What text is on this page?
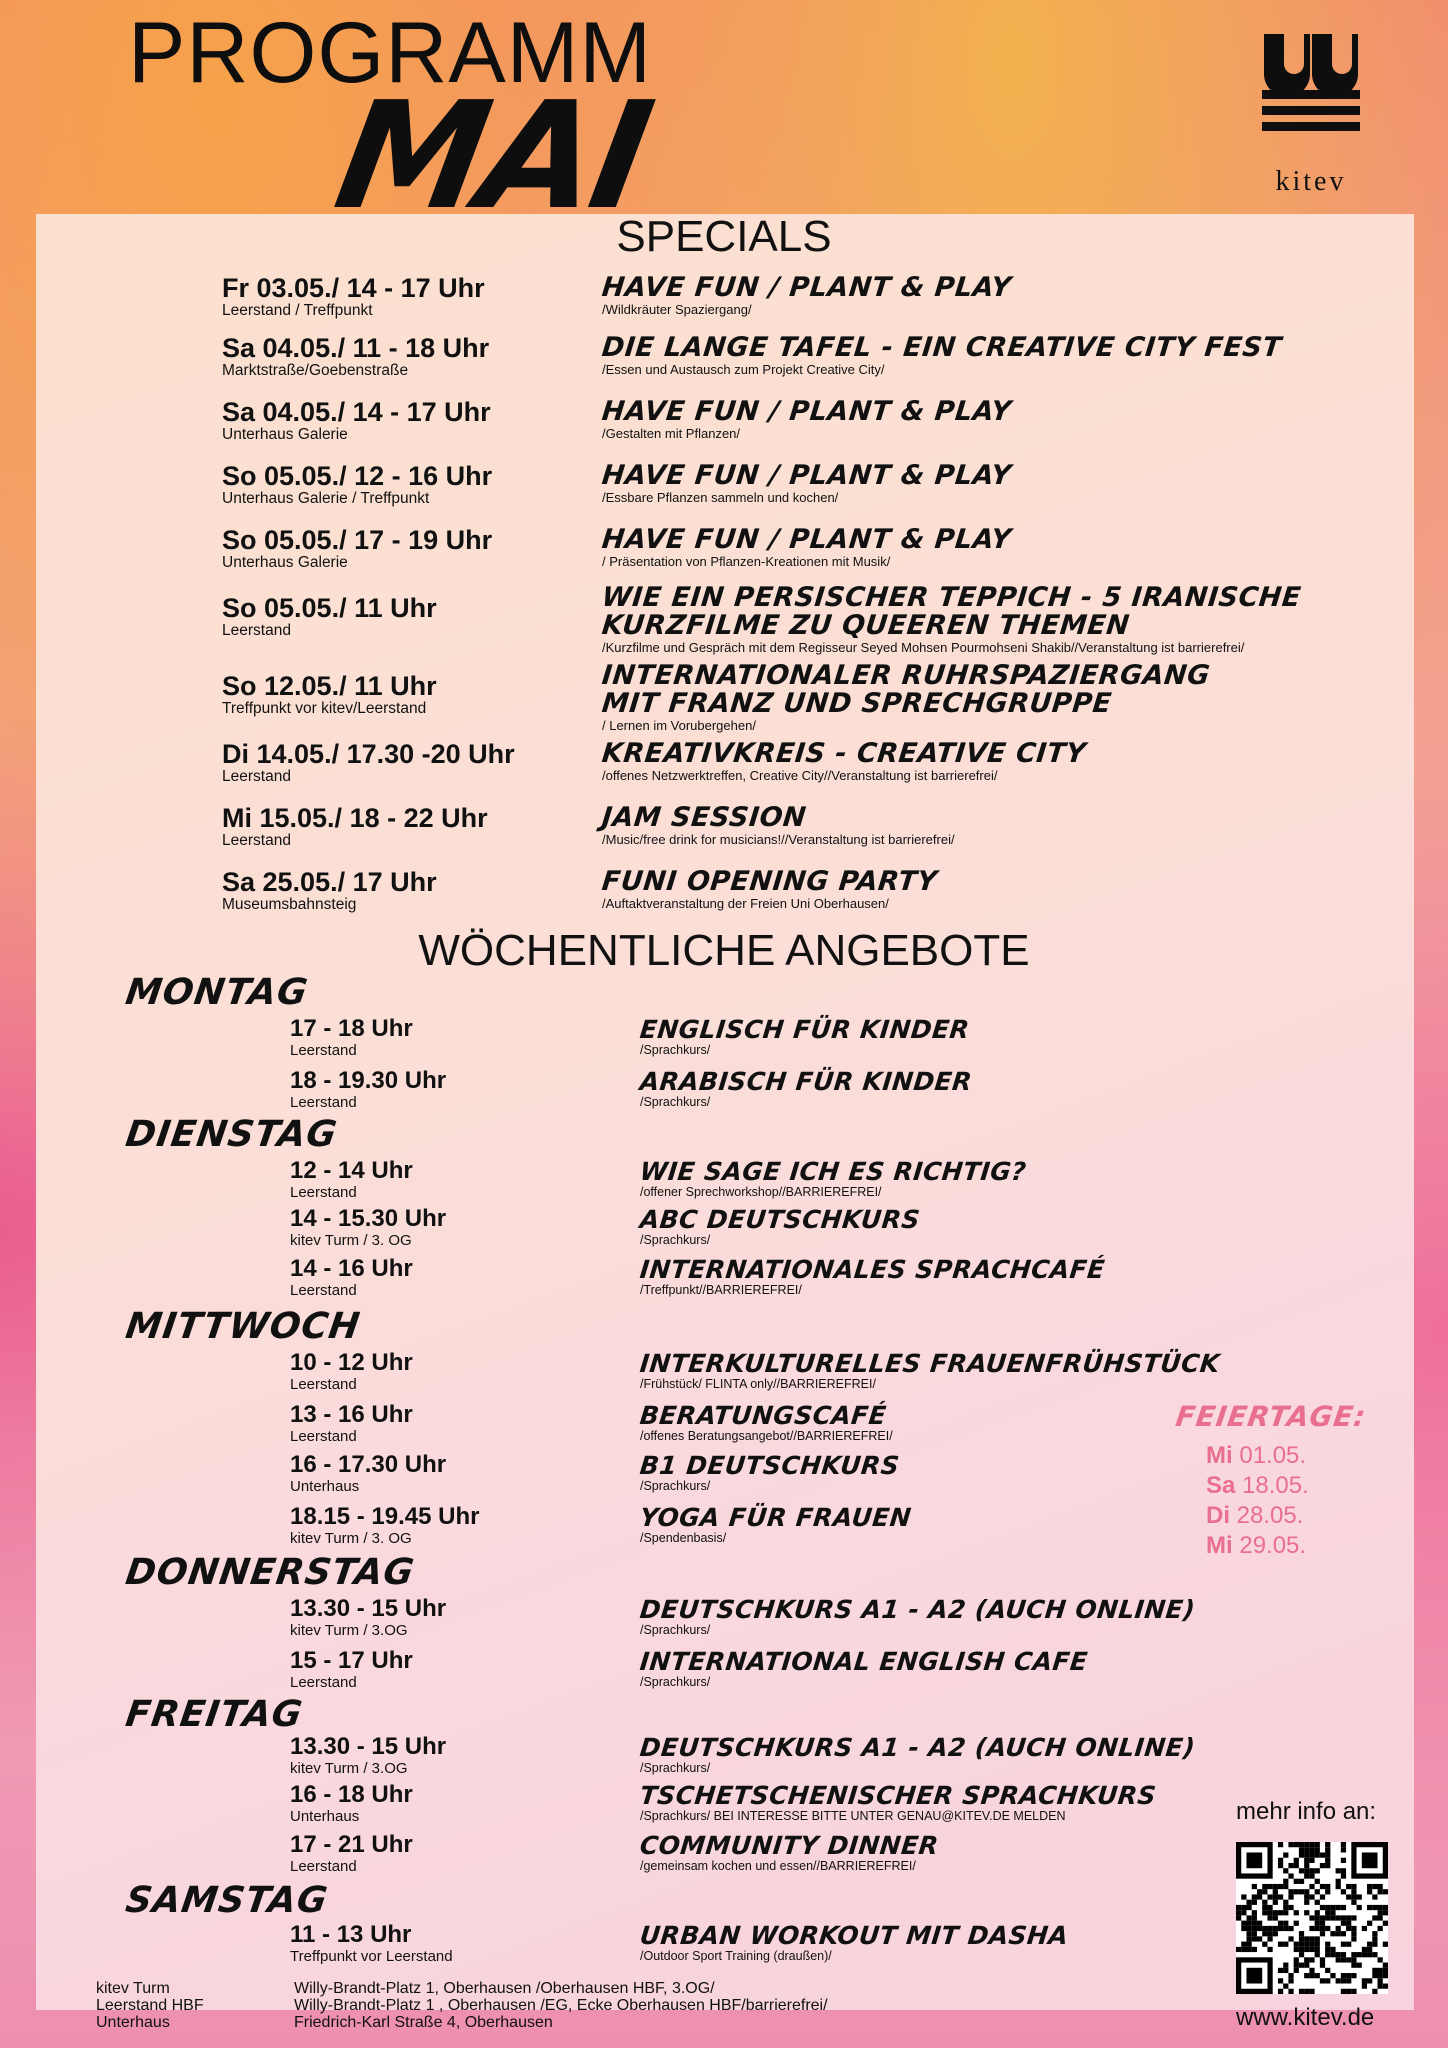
PROGRAMM
MAI	kitev
SPECIALS
Fr 03.05./ 14 - 17 Uhr
Leerstand / Treffpunkt
HAVE FUN / PLANT & PLAY
/Wildkräuter Spaziergang/
Sa 04.05./ 11 - 18 Uhr
Marktstraße/Goebenstraße
DIE LANGE TAFEL - EIN CREATIVE CITY FEST
/Essen und Austausch zum Projekt Creative City/
Sa 04.05./ 14 - 17 Uhr
Unterhaus Galerie
HAVE FUN / PLANT & PLAY
/Gestalten mit Pflanzen/
So 05.05./ 12 - 16 Uhr
Unterhaus Galerie / Treffpunkt
HAVE FUN / PLANT & PLAY
/Essbare Pflanzen sammeln und kochen/
So 05.05./ 17 - 19 Uhr
Unterhaus Galerie
HAVE FUN / PLANT & PLAY
/ Präsentation von Pflanzen-Kreationen mit Musik/
So 05.05./ 11 Uhr
Leerstand
WIE EIN PERSISCHER TEPPICH - 5 IRANISCHE
KURZFILME ZU QUEEREN THEMEN
/Kurzfilme und Gespräch mit dem Regisseur Seyed Mohsen Pourmohseni Shakib//Veranstaltung ist barrierefrei/
So 12.05./ 11 Uhr
Treffpunkt vor kitev/Leerstand
INTERNATIONALER RUHRSPAZIERGANG
MIT FRANZ UND SPRECHGRUPPE
/ Lernen im Vorubergehen/
Di 14.05./ 17.30 -20 Uhr
Leerstand
KREATIVKREIS - CREATIVE CITY
/offenes Netzwerktreffen, Creative City//Veranstaltung ist barrierefrei/
Mi 15.05./ 18 - 22 Uhr
Leerstand
JAM SESSION
/Music/free drink for musicians!//Veranstaltung ist barrierefrei/
Sa 25.05./ 17 Uhr
Museumsbahnsteig
FUNI OPENING PARTY
/Auftaktveranstaltung der Freien Uni Oberhausen/
WÖCHENTLICHE ANGEBOTE
MONTAG
17 - 18 Uhr
Leerstand
ENGLISCH FÜR KINDER
/Sprachkurs/
18 - 19.30 Uhr
Leerstand
ARABISCH FÜR KINDER
/Sprachkurs/
DIENSTAG
12 - 14 Uhr
Leerstand
WIE SAGE ICH ES RICHTIG?
/offener Sprechworkshop//BARRIEREFREI/
14 - 15.30 Uhr
kitev Turm / 3. OG
ABC DEUTSCHKURS
/Sprachkurs/
14 - 16 Uhr
Leerstand
INTERNATIONALES SPRACHCAFÉ
/Treffpunkt//BARRIEREFREI/
MITTWOCH
10 - 12 Uhr
Leerstand
INTERKULTURELLES FRAUENFRÜHSTÜCK
/Frühstück/ FLINTA only//BARRIEREFREI/
13 - 16 Uhr
Leerstand
BERATUNGSCAFÉ
/offenes Beratungsangebot//BARRIEREFREI/
16 - 17.30 Uhr
Unterhaus
B1 DEUTSCHKURS
/Sprachkurs/
18.15 - 19.45 Uhr
kitev Turm / 3. OG
YOGA FÜR FRAUEN
/Spendenbasis/
DONNERSTAG
13.30 - 15 Uhr
kitev Turm / 3.OG
DEUTSCHKURS A1 - A2 (AUCH ONLINE)
/Sprachkurs/
15 - 17 Uhr
Leerstand
INTERNATIONAL ENGLISH CAFE
/Sprachkurs/
FREITAG
13.30 - 15 Uhr
kitev Turm / 3.OG
DEUTSCHKURS A1 - A2 (AUCH ONLINE)
/Sprachkurs/
16 - 18 Uhr
Unterhaus
TSCHETSCHENISCHER SPRACHKURS
/Sprachkurs/ BEI INTERESSE BITTE UNTER GENAU@KITEV.DE MELDEN
17 - 21 Uhr
Leerstand
COMMUNITY DINNER
/gemeinsam kochen und essen//BARRIEREFREI/
SAMSTAG
11 - 13 Uhr
Treffpunkt vor Leerstand
URBAN WORKOUT MIT DASHA
/Outdoor Sport Training (draußen)/
FEIERTAGE:
Mi 01.05.
Sa 18.05.
Di 28.05.
Mi 29.05.
mehr info an:
www.kitev.de
kitev Turm
Leerstand HBF
Unterhaus
Willy-Brandt-Platz 1, Oberhausen /Oberhausen HBF, 3.OG/
Willy-Brandt-Platz 1 , Oberhausen /EG, Ecke Oberhausen HBF/barrierefrei/
Friedrich-Karl Straße 4, Oberhausen
